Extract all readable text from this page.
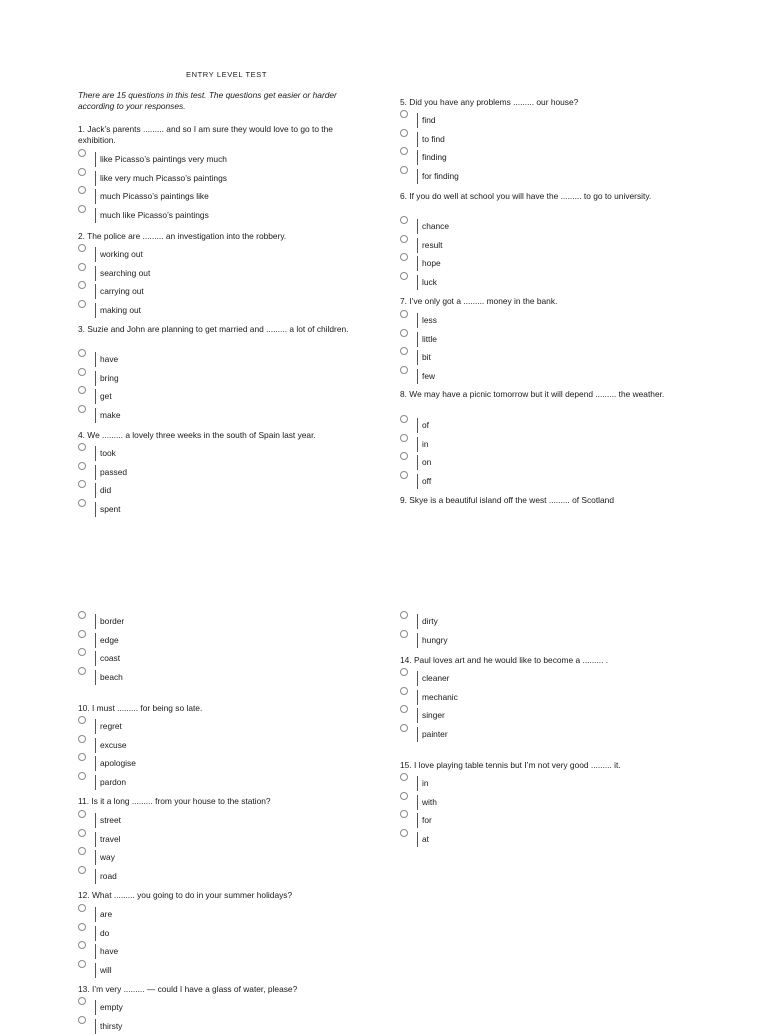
ENTRY LEVEL TEST
There are 15 questions in this test. The questions get easier or harder according to your responses.
1. Jack’s parents ......... and so I am sure they would love to go to the exhibition.
like Picasso’s paintings very much
like very much Picasso’s paintings
much Picasso’s paintings like
much like Picasso’s paintings
2. The police are ......... an investigation into the robbery.
working out
searching out
carrying out
making out
3. Suzie and John are planning to get married and ......... a lot of children.
have
bring
get
make
4. We ......... a lovely three weeks in the south of Spain last year.
took
passed
did
spent
border
edge
coast
beach
10. I must ......... for being so late.
regret
excuse
apologise
pardon
11. Is it a long ......... from your house to the station?
street
travel
way
road
12. What ......... you going to do in your summer holidays?
are
do
have
will
13. I’m very ......... — could I have a glass of water, please?
empty
thirsty
5. Did you have any problems ......... our house?
find
to find
finding
for finding
6. If you do well at school you will have the ......... to go to university.
chance
result
hope
luck
7. I’ve only got a ......... money in the bank.
less
little
bit
few
8. We may have a picnic tomorrow but it will depend ......... the weather.
of
in
on
off
9. Skye is a beautiful island off the west ......... of Scotland
dirty
hungry
14. Paul loves art and he would like to become a ......... .
cleaner
mechanic
singer
painter
15. I love playing table tennis but I’m not very good ......... it.
in
with
for
at
